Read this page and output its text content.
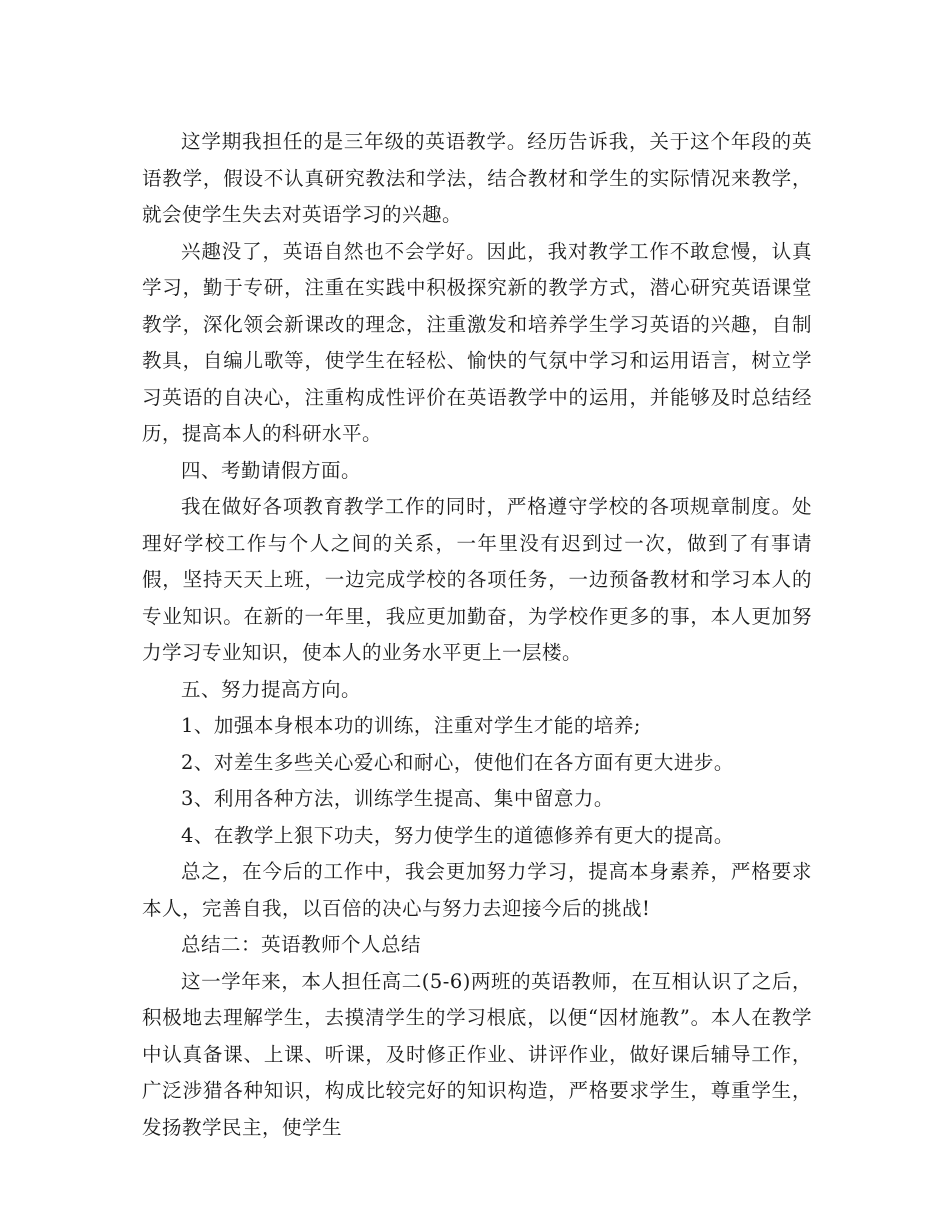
这学期我担任的是三年级的英语教学。经历告诉我，关于这个年段的英语教学，假设不认真研究教法和学法，结合教材和学生的实际情况来教学，就会使学生失去对英语学习的兴趣。

兴趣没了，英语自然也不会学好。因此，我对教学工作不敢怠慢，认真学习，勤于专研，注重在实践中积极探究新的教学方式，潜心研究英语课堂教学，深化领会新课改的理念，注重激发和培养学生学习英语的兴趣，自制教具，自编儿歌等，使学生在轻松、愉快的气氛中学习和运用语言，树立学习英语的自决心，注重构成性评价在英语教学中的运用，并能够及时总结经历，提高本人的科研水平。

四、考勤请假方面。

我在做好各项教育教学工作的同时，严格遵守学校的各项规章制度。处理好学校工作与个人之间的关系，一年里没有迟到过一次，做到了有事请假，坚持天天上班，一边完成学校的各项任务，一边预备教材和学习本人的专业知识。在新的一年里，我应更加勤奋，为学校作更多的事，本人更加努力学习专业知识，使本人的业务水平更上一层楼。

五、努力提高方向。

1、加强本身根本功的训练，注重对学生才能的培养;

2、对差生多些关心爱心和耐心，使他们在各方面有更大进步。

3、利用各种方法，训练学生提高、集中留意力。

4、在教学上狠下功夫，努力使学生的道德修养有更大的提高。

总之，在今后的工作中，我会更加努力学习，提高本身素养，严格要求本人，完善自我，以百倍的决心与努力去迎接今后的挑战!

总结二：英语教师个人总结

这一学年来，本人担任高二(5-6)两班的英语教师，在互相认识了之后，积极地去理解学生，去摸清学生的学习根底，以便“因材施教”。本人在教学中认真备课、上课、听课，及时修正作业、讲评作业，做好课后辅导工作，广泛涉猎各种知识，构成比较完好的知识构造，严格要求学生，尊重学生，发扬教学民主，使学生
